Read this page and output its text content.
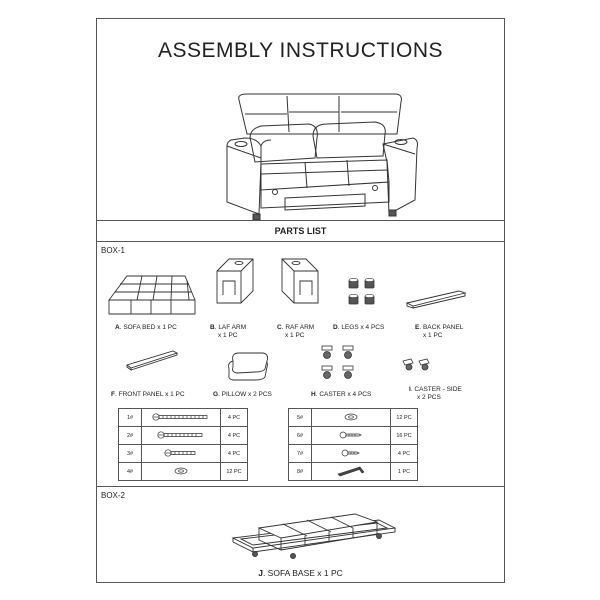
ASSEMBLY INSTRUCTIONS
PARTS LIST
BOX-1
A. SOFA BED x 1 PC	B. LAF ARM
x 1 PC
C. RAF ARM
x 1 PC
D. LEGS x 4 PCS	E. BACK PANEL
x 1 PC
F. FRONT PANEL x 1 PC	G. PILLOW x 2 PCS	H. CASTER x 4 PCS
I. CASTER - SIDE
x 2 PCS
1#		4 PC
2#		4 PC
3#		4 PC
4#		12 PC
5#		12 PC
6#		16 PC
7#		4 PC
8#		1 PC
BOX-2
J. SOFA BASE x 1 PC
